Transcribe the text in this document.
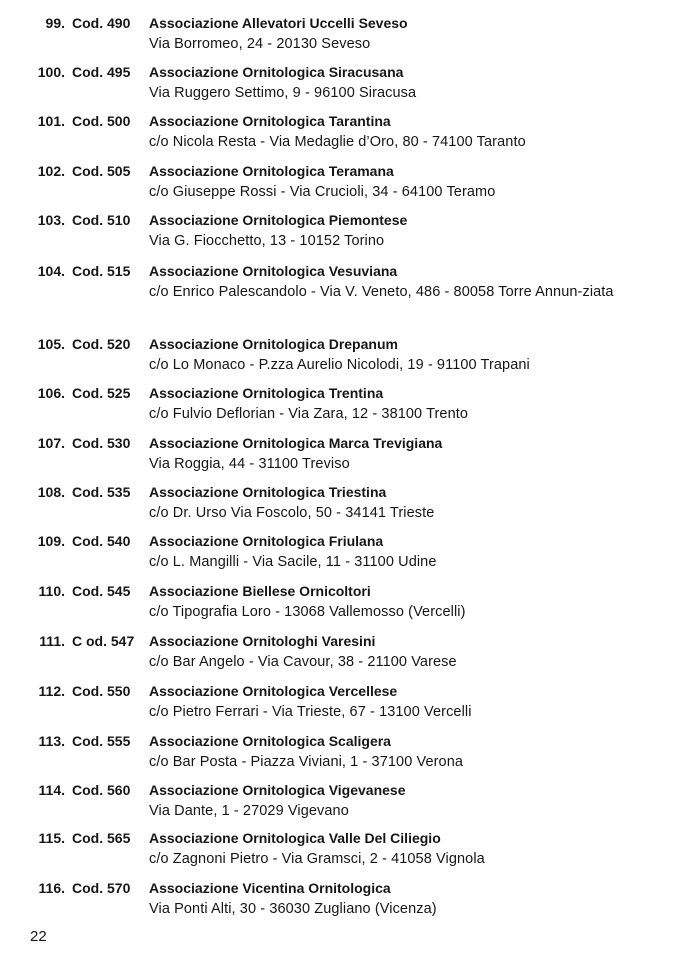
99. Cod. 490	Associazione Allevatori Uccelli Seveso
Via Borromeo, 24 - 20130 Seveso
100. Cod. 495	Associazione Ornitologica Siracusana
Via Ruggero Settimo, 9 - 96100 Siracusa
101. Cod. 500	Associazione Ornitologica Tarantina
c/o Nicola Resta - Via Medaglie d’Oro, 80 - 74100 Taranto
102. Cod. 505	Associazione Ornitologica Teramana
c/o Giuseppe Rossi - Via Crucioli, 34 - 64100 Teramo
103. Cod. 510	Associazione Ornitologica Piemontese
Via G. Fiocchetto, 13 - 10152 Torino
104. Cod. 515	Associazione Ornitologica Vesuviana
c/o Enrico Palescandolo - Via V. Veneto, 486 - 80058 Torre Annun-ziata
105. Cod. 520	Associazione Ornitologica Drepanum
c/o Lo Monaco - P.zza Aurelio Nicolodi, 19 - 91100 Trapani
106. Cod. 525	Associazione Ornitologica Trentina
c/o Fulvio Deflorian - Via Zara, 12 - 38100 Trento
107. Cod. 530	Associazione Ornitologica Marca Trevigiana
Via Roggia, 44 - 31100 Treviso
108. Cod. 535	Associazione Ornitologica Triestina
c/o Dr. Urso Via Foscolo, 50 - 34141 Trieste
109. Cod. 540	Associazione Ornitologica Friulana
c/o L. Mangilli - Via Sacile, 11 - 31100 Udine
110. Cod. 545	Associazione Biellese Ornicoltori
c/o Tipografia Loro - 13068 Vallemosso (Vercelli)
111. C od. 547 Associazione Ornitologhi Varesini
c/o Bar Angelo - Via Cavour, 38 - 21100 Varese
112. Cod. 550	Associazione Ornitologica Vercellese
c/o Pietro Ferrari - Via Trieste, 67 - 13100 Vercelli
113. Cod. 555	Associazione Ornitologica Scaligera
c/o Bar Posta - Piazza Viviani, 1 - 37100 Verona
114. Cod. 560	Associazione Ornitologica Vigevanese
Via Dante, 1 - 27029 Vigevano
115. Cod. 565	Associazione Ornitologica Valle Del Ciliegio
c/o Zagnoni Pietro - Via Gramsci, 2 - 41058 Vignola
116. Cod. 570	Associazione Vicentina Ornitologica
Via Ponti Alti, 30 - 36030 Zugliano (Vicenza)
22
